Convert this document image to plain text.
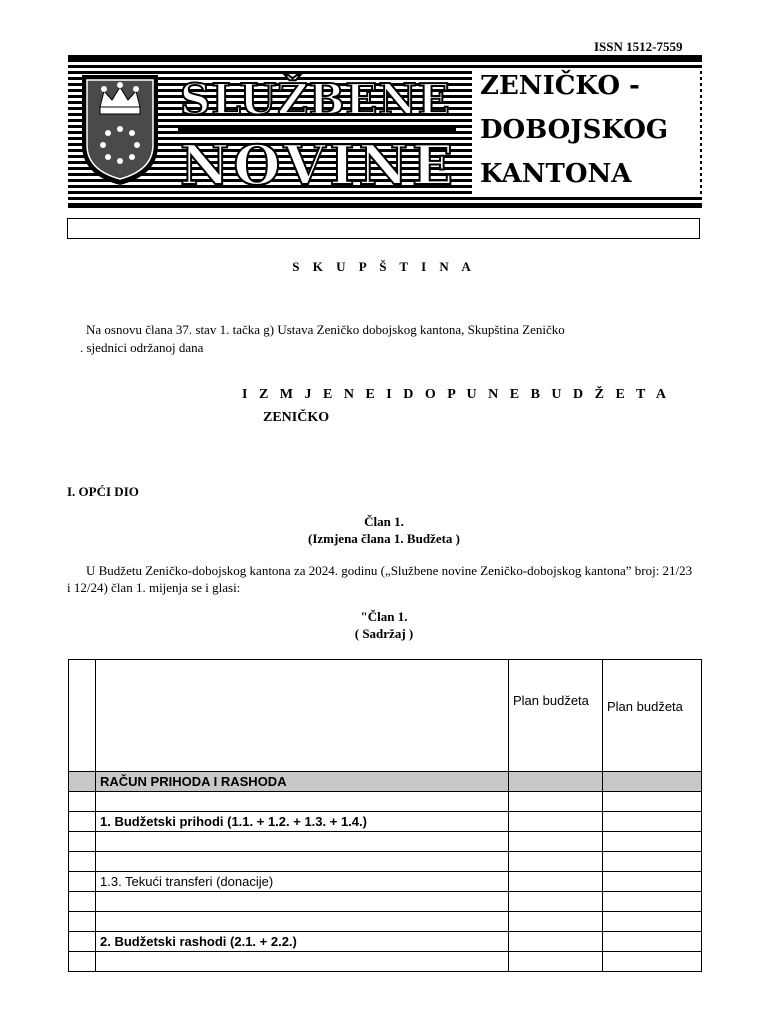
ISSN 1512-7559
SLUŽBENE
NOVINE
ZENIČKO -
DOBOJSKOG
KANTONA
S K U P Š T I N A
Na osnovu člana 37. stav 1. tačka g) Ustava Zeničko dobojskog kantona, Skupština Zeničko
. sjednici održanoj dana
I Z M J E N E I D O P U N E B U D Ž E T A
ZENIČKO
I. OPĆI DIO
Član 1.
(Izmjena člana 1. Budžeta )
U Budžetu Zeničko-dobojskog kantona za 2024. godinu („Službene novine Zeničko-dobojskog kantona” broj: 21/23
i 12/24) član 1. mijenja se i glasi:
"Član 1.
( Sadržaj )
		Plan budžeta	Plan budžeta
	RAČUN PRIHODA I RASHODA		

	1. Budžetski prihodi (1.1. + 1.2. + 1.3. + 1.4.)		

	1.3. Tekući transferi (donacije)		

	2. Budžetski rashodi (2.1. + 2.2.)		
